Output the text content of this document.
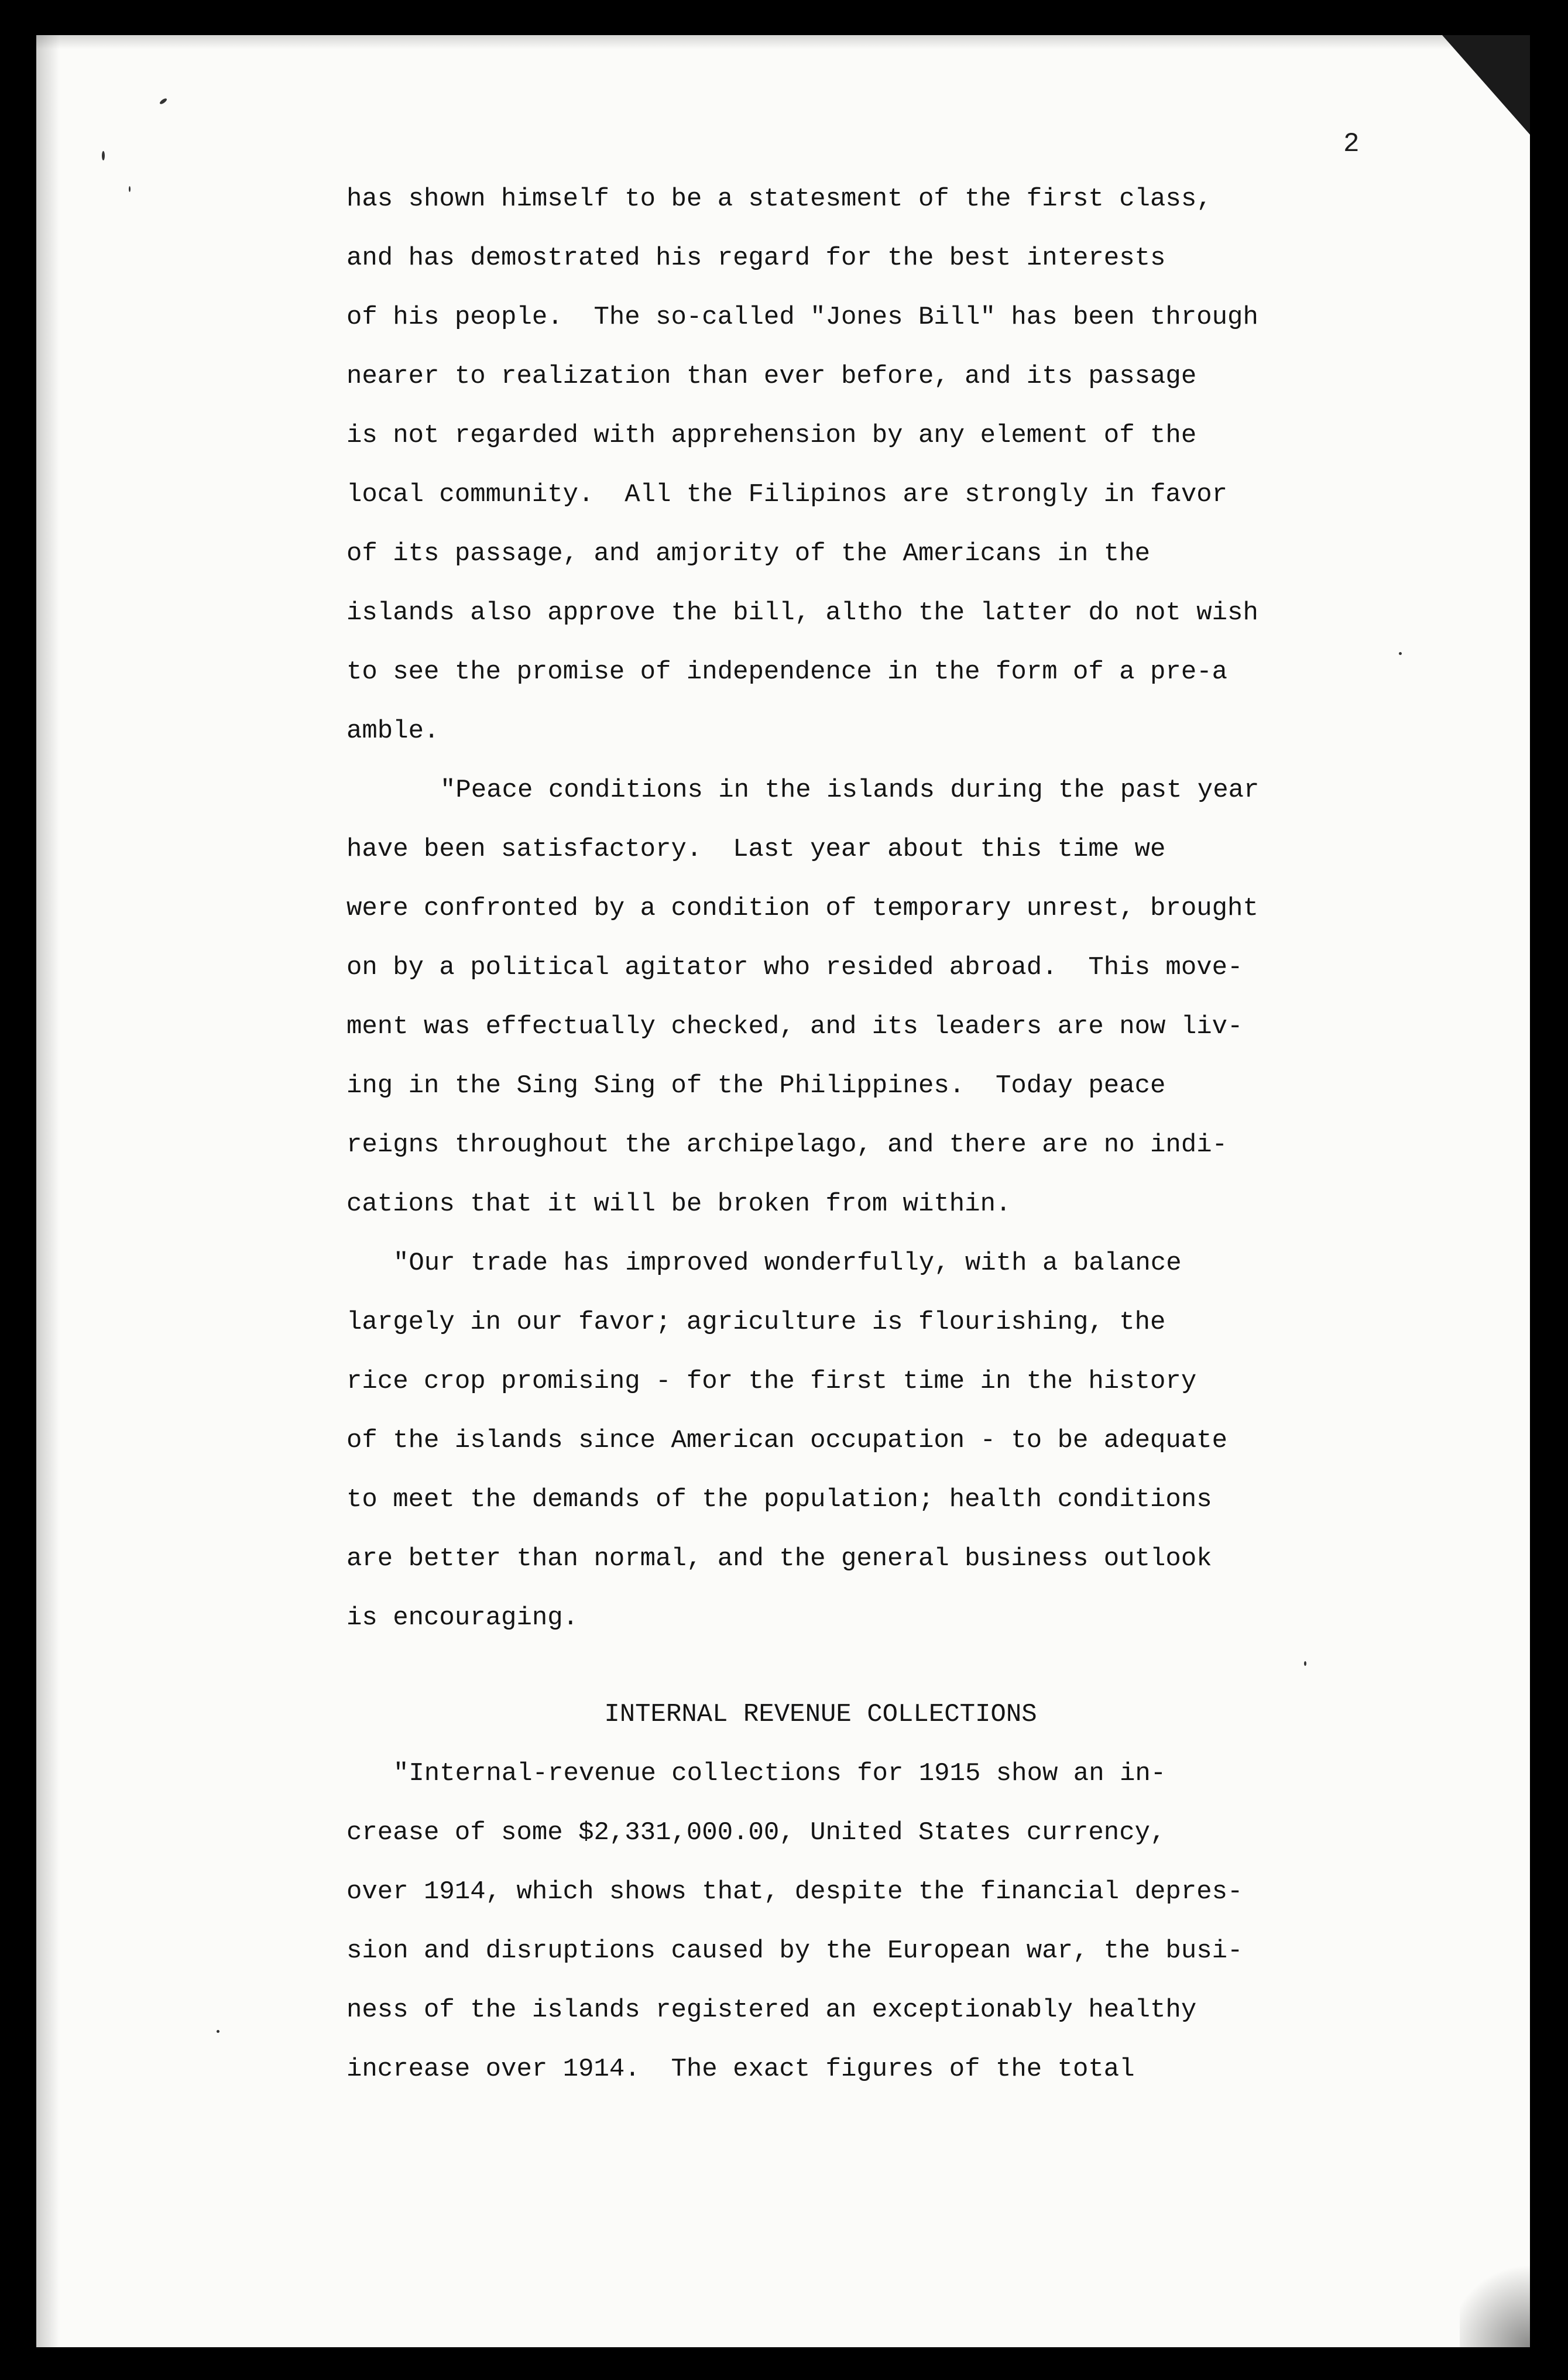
2

has shown himself to be a statesment of the first class,

and has demostrated his regard for the best interests

of his people.  The so-called "Jones Bill" has been through

nearer to realization than ever before, and its passage

is not regarded with apprehension by any element of the

local community.  All the Filipinos are strongly in favor

of its passage, and amjority of the Americans in the

islands also approve the bill, altho the latter do not wish

to see the promise of independence in the form of a pre-a

amble.

"Peace conditions in the islands during the past year

have been satisfactory.  Last year about this time we

were confronted by a condition of temporary unrest, brought

on by a political agitator who resided abroad.  This move-

ment was effectually checked, and its leaders are now liv-

ing in the Sing Sing of the Philippines.  Today peace

reigns throughout the archipelago, and there are no indi-

cations that it will be broken from within.

"Our trade has improved wonderfully, with a balance

largely in our favor; agriculture is flourishing, the

rice crop promising - for the first time in the history

of the islands since American occupation - to be adequate

to meet the demands of the population; health conditions

are better than normal, and the general business outlook

is encouraging.

INTERNAL REVENUE COLLECTIONS

"Internal-revenue collections for 1915 show an in-

crease of some $2,331,000.00, United States currency,

over 1914, which shows that, despite the financial depres-

sion and disruptions caused by the European war, the busi-

ness of the islands registered an exceptionably healthy

increase over 1914.  The exact figures of the total
